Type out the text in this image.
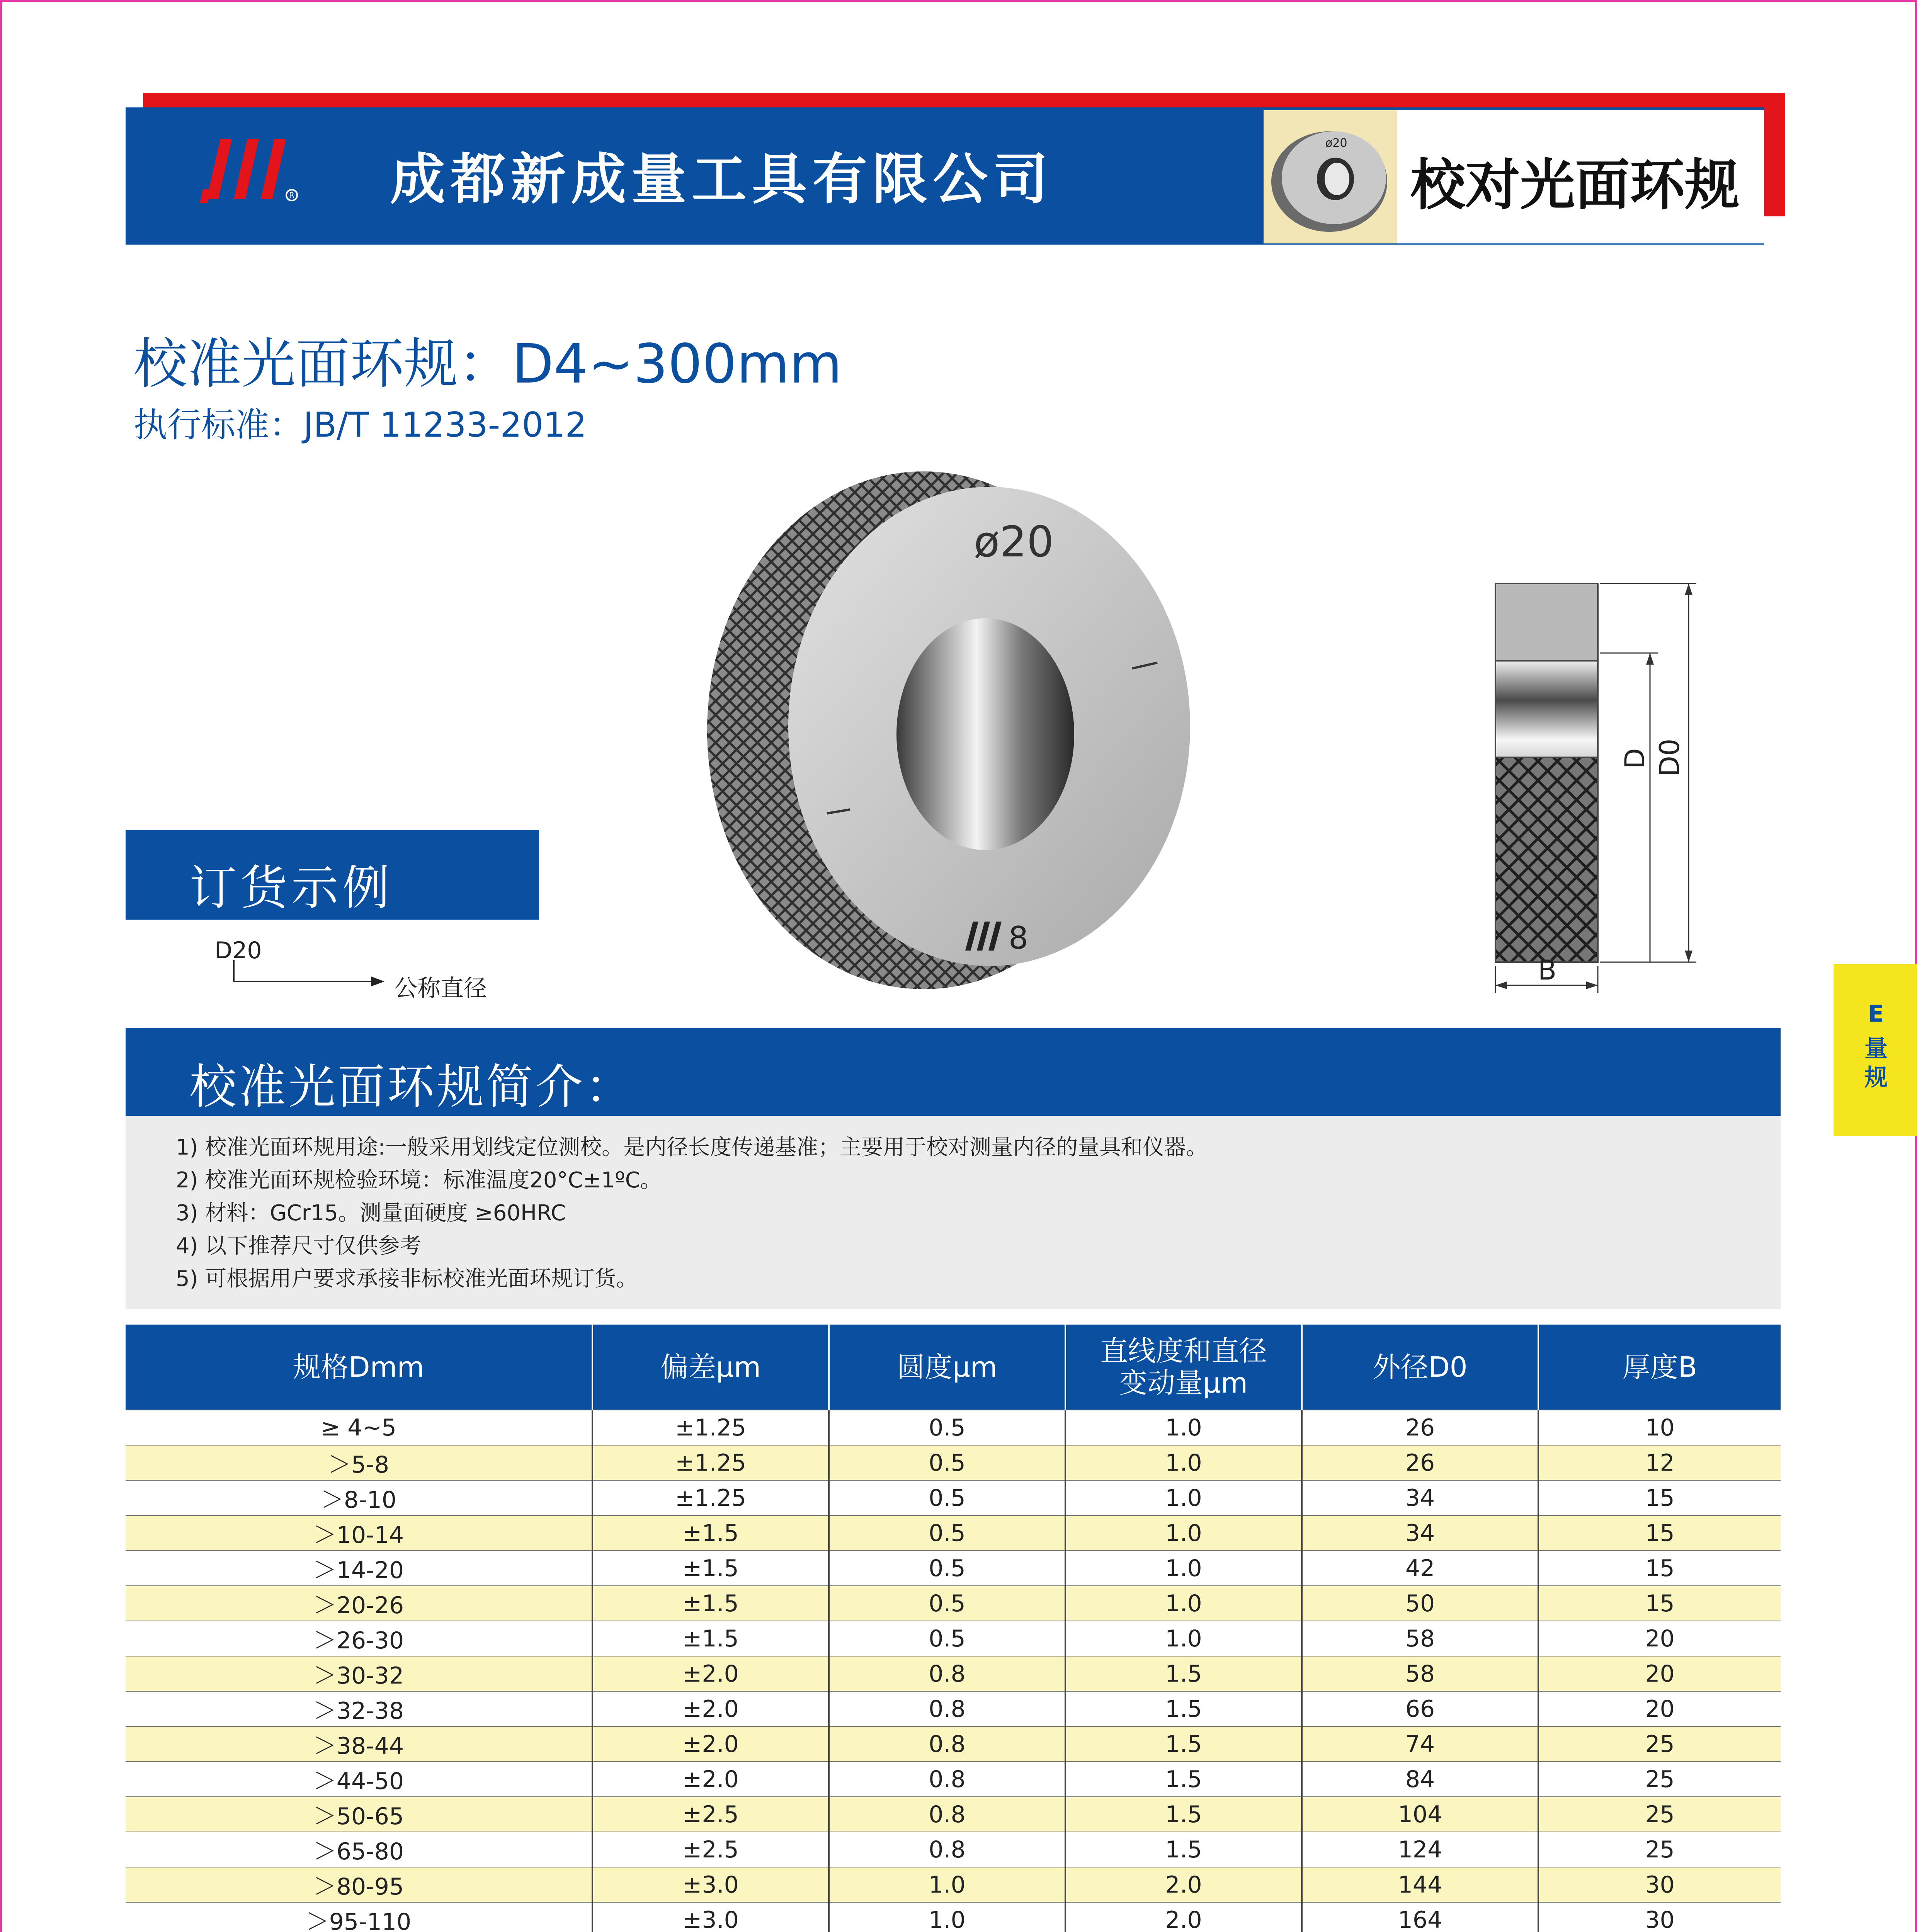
R 成都新成量工具有限公司
ø20
校对光面环规
校准光面环规：D4~300mm
执行标准：JB/T 11233-2012
ø20
8
D D0
B
订货示例
D20
公称直径
校准光面环规简介：
1) 校准光面环规用途:一般采用划线定位测校。是内径长度传递基准；主要用于校对测量内径的量具和仪器。
2) 校准光面环规检验环境：标准温度20°C±1ºC。
3) 材料：GCr15。测量面硬度 ≥60HRC
4) 以下推荐尺寸仅供参考
5) 可根据用户要求承接非标校准光面环规订货。
E
量
规
规格Dmm	偏差μm	圆度μm	直线度和直径
变动量μm	外径D0	厚度B
≥ 4~5	±1.25	0.5	1.0	26	10
＞5-8	±1.25	0.5	1.0	26	12
＞8-10	±1.25	0.5	1.0	34	15
＞10-14	±1.5	0.5	1.0	34	15
＞14-20	±1.5	0.5	1.0	42	15
＞20-26	±1.5	0.5	1.0	50	15
＞26-30	±1.5	0.5	1.0	58	20
＞30-32	±2.0	0.8	1.5	58	20
＞32-38	±2.0	0.8	1.5	66	20
＞38-44	±2.0	0.8	1.5	74	25
＞44-50	±2.0	0.8	1.5	84	25
＞50-65	±2.5	0.8	1.5	104	25
＞65-80	±2.5	0.8	1.5	124	25
＞80-95	±3.0	1.0	2.0	144	30
＞95-110	±3.0	1.0	2.0	164	30
